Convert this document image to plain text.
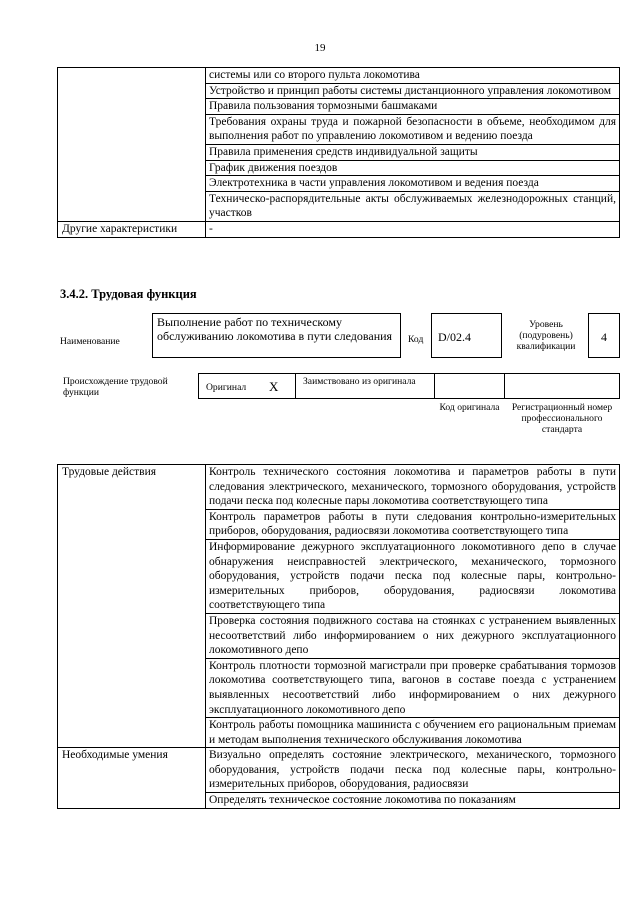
19
	системы или со второго пульта локомотива
	Устройство и принцип работы системы дистанционного управления локомотивом
	Правила пользования тормозными башмаками
	Требования охраны труда и пожарной безопасности в объеме, необходимом для выполнения работ по управлению локомотивом и ведению поезда
	Правила применения средств индивидуальной защиты
	График движения поездов
	Электротехника в части управления локомотивом и ведения поезда
	Техническо-распорядительные акты обслуживаемых железнодорожных станций, участков
Другие характеристики	-
3.4.2. Трудовая функция
Наименование
Выполнение работ по техническому обслуживанию локомотива в пути следования	Код	D/02.4
Уровень (подуровень) квалификации
4
Происхождение трудовой функции	Оригинал X	Заимствовано из оригинала
Код оригинала	Регистрационный номер профессионального стандарта
Трудовые действия	Контроль технического состояния локомотива и параметров работы в пути следования электрического, механического, тормозного оборудования, устройств подачи песка под колесные пары локомотива соответствующего типа
	Контроль параметров работы в пути следования контрольно-измерительных приборов, оборудования, радиосвязи локомотива соответствующего типа
	Информирование дежурного эксплуатационного локомотивного депо в случае обнаружения неисправностей электрического, механического, тормозного оборудования, устройств подачи песка под колесные пары, контрольно-измерительных приборов, оборудования, радиосвязи локомотива соответствующего типа
	Проверка состояния подвижного состава на стоянках с устранением выявленных несоответствий либо информированием о них дежурного эксплуатационного локомотивного депо
	Контроль плотности тормозной магистрали при проверке срабатывания тормозов локомотива соответствующего типа, вагонов в составе поезда с устранением выявленных несоответствий либо информированием о них дежурного эксплуатационного локомотивного депо
	Контроль работы помощника машиниста с обучением его рациональным приемам и методам выполнения технического обслуживания локомотива
Необходимые умения	Визуально определять состояние электрического, механического, тормозного оборудования, устройств подачи песка под колесные пары, контрольно-измерительных приборов, оборудования, радиосвязи
	Определять техническое состояние локомотива по показаниям
